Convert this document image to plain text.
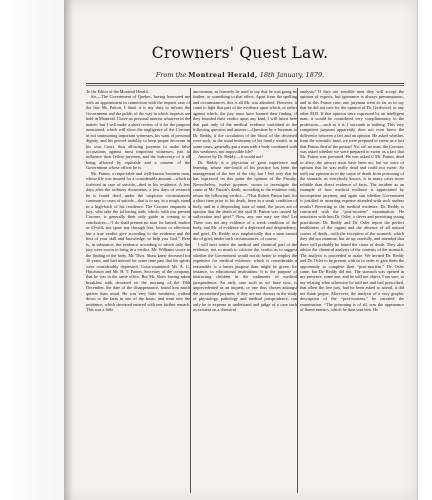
Crowners' Quest Law.
From the Montreal Herald, 18th January, 1879.

To the Editor of the Montreal Herald.

Sir,—The Government of Quebec, having honoured me with an appointment in connection with the inquest case of the late Mr. Patton, I think it is my duty to inform the Government and the public of the way in which inquests are held in Montreal. I have no personal interest whatever in the matter; but I will make a short review of it for the purpose mentioned, which will show the negligence of the Coroner in not summoning important witnesses, his want of personal dignity, and his proved inability to keep proper decorum in his own Court, thus allowing jurymen to make false accusations against most important witnesses, just to influence their fellow-jurymen, and the indecency of it all being allowed by equitable and a consent of the Government whose officer he is.

Mr. Patton, a respectable and well-known business man, whose life was insured for a considerable amount—which is forfeited in case of suicide—died in his residence. A few days after the ordinary documents, a few days of research he is found dead, under the suspicion circumstances common to cases of suicide—that is to say, in a rough, stand in a high-back of his residence. The Coroner empanels a jury, who take the following oath, which, with our present Coroner, is generally their only guide in coming to a conclusion:—“I do shall present no man for hatred, malice or ill-will, nor spare any through fear, favour or affection; but a true verdict give according to the evidence and the best of your skill and knowledge, so help you God.” Here is, in substance, the evidence according to which only the jury were sworn to bring in a verdict. Mr. Williams swore to the finding of the body. Mr. Thos. Shaw knew deceased for 16 years, and had noticed for some time past that his spirits were considerably depressed. Cross-examined, Mr. A. C. Hutchison and Mr. H. T. Patton, Secretary of the company, that he was in the same office. But Mr. Shaw having taken breakfast with deceased on the morning of the 18th December, the date of the disappearance, found him much quieter than usual. He was very little breakfast, walked down to the farm in one of the boats, and went into the residence, which deceased entered with one further remark. This was a little

uncommon, as formerly he used to say that he was going no further, or something to that effect. Apart from the spelling and circumstances, this is all Mr. was admitted. However, it came to light that part of the evidence upon which, or rather against which, the jury must have framed their finding, if they founded their verdict upon any kind, I will insert here that part only of the medical evidence contained in the following question and answer:—Question by a Juryman to Dr. Reddy, if the circulation of the blood of the deceased were such, as the usual testimony of his family would, as in some cases, generally put a man with a body combined with this weakness, not impossible life?

Answer by Dr. Reddy.—It would not!

Dr. Reddy is a physician of great experience and learning, whose one-fourth of his practice has been the management of the free of the city, but I feel very that he has expressed on this point the opinion of the Faculty. Nevertheless, twelve jurymen, sworn to investigate the cause of Mr. Patton’s death, according to the evidence only, return the following verdict:—“That Robert Patton had, for a short time prior to his death, been in a weak condition of body, and in a desponding state of mind, the jurors are of opinion that the death of the said R. Patton was caused by suffocation and grief.” Now, any one may see this! Let There was not any evidence of a weak condition of the body, and Mr. of evidence of a depressed and despondency, and grief, Dr. Reddy says emphatically that a man cannot die of grief, under such circumstances, of course.

I will next notice the medical and chemical part of the evidence, not so much to criticise the verdict as to suggest whether the Government would not do better to employ the expensive for medical evidence, which is considerable a reasonable to a better purpose than might be given, for instance, to educational institutions. It is the purpose of instructing children in the rudiments of medical jurisprudence. An early case such as we have now, is unprecedented as an inquest, or one thus chosen amongst the ascertained jurymen, if they are not doctors in the study of physiology, pathology and medical jurisprudence, can only be to expense to understand and judge of a case such as existent on a chemical

analysis? If they are sensible men they will accept the opinion of experts, but ignorance is always presumptuous, and in this Patton case, one juryman went so far as to say that he did not care for the opinion of Dr. Girdwood, or any other M.D. If that opinion were expressed by an intelligent man, it would be considered very complimentary to the profession.—such as it is, I succumb to nothing. This very competent jurymen apparently does not even know the difference between a fact and an opinion. He asked whether, from the scientific fund, we were prepared to swear as a fact that Patton died of the poison? No, sir! no man, the Coroner, was asked whether we were prepared to swear as a fact that Mr. Patton was poisoned. He was asked if Mr. Patton, dead or alive, the answer must have been no; but we were of opinion that he was really dead and could not swear. So with our opinion as to the cause of death from poisoning of the stomach, as everybody knows, is in many cases more reliable than direct evidence of facts. The incident as an example of how medical evidence is appreciated by incompetent jurymen, and again suit whether Government is justified in incurring expense attended with such useless results? Reverting to the medical evidence. Dr. Reddy is concurred with the “post-mortem” examination. He associates with him Dr. Osler, a clever and promising young practitioner. Dr. Reddy and Dr. Osler report the perfect healthiness of the organs and the absence of all natural causes of death—with the exception of the stomach, which they did not examine, but tie up carefully, and intended that there will probably be found the cause of death. They also advise the chemical analysis of the contents of the stomach. The analysis is proceeded to make. We invited Dr. Reddy and Dr. Osler to be present with us in order to give them the opportunity to complete their “post-mortem.” Dr. Osler came, but Dr. Reddy did not. The stomach was opened in my presence, some one, and he will not object, I am sure, to my relating what otherwise he told me and had prescribed, that when the live jury, had he been asked to attend, it did not think proper. Moreover, the analysis of a very graphic description of the “post-mortem,” he narrated the examination: “The poisoning is of all, was the appearance of fluent emetics, which he then sent him. He
